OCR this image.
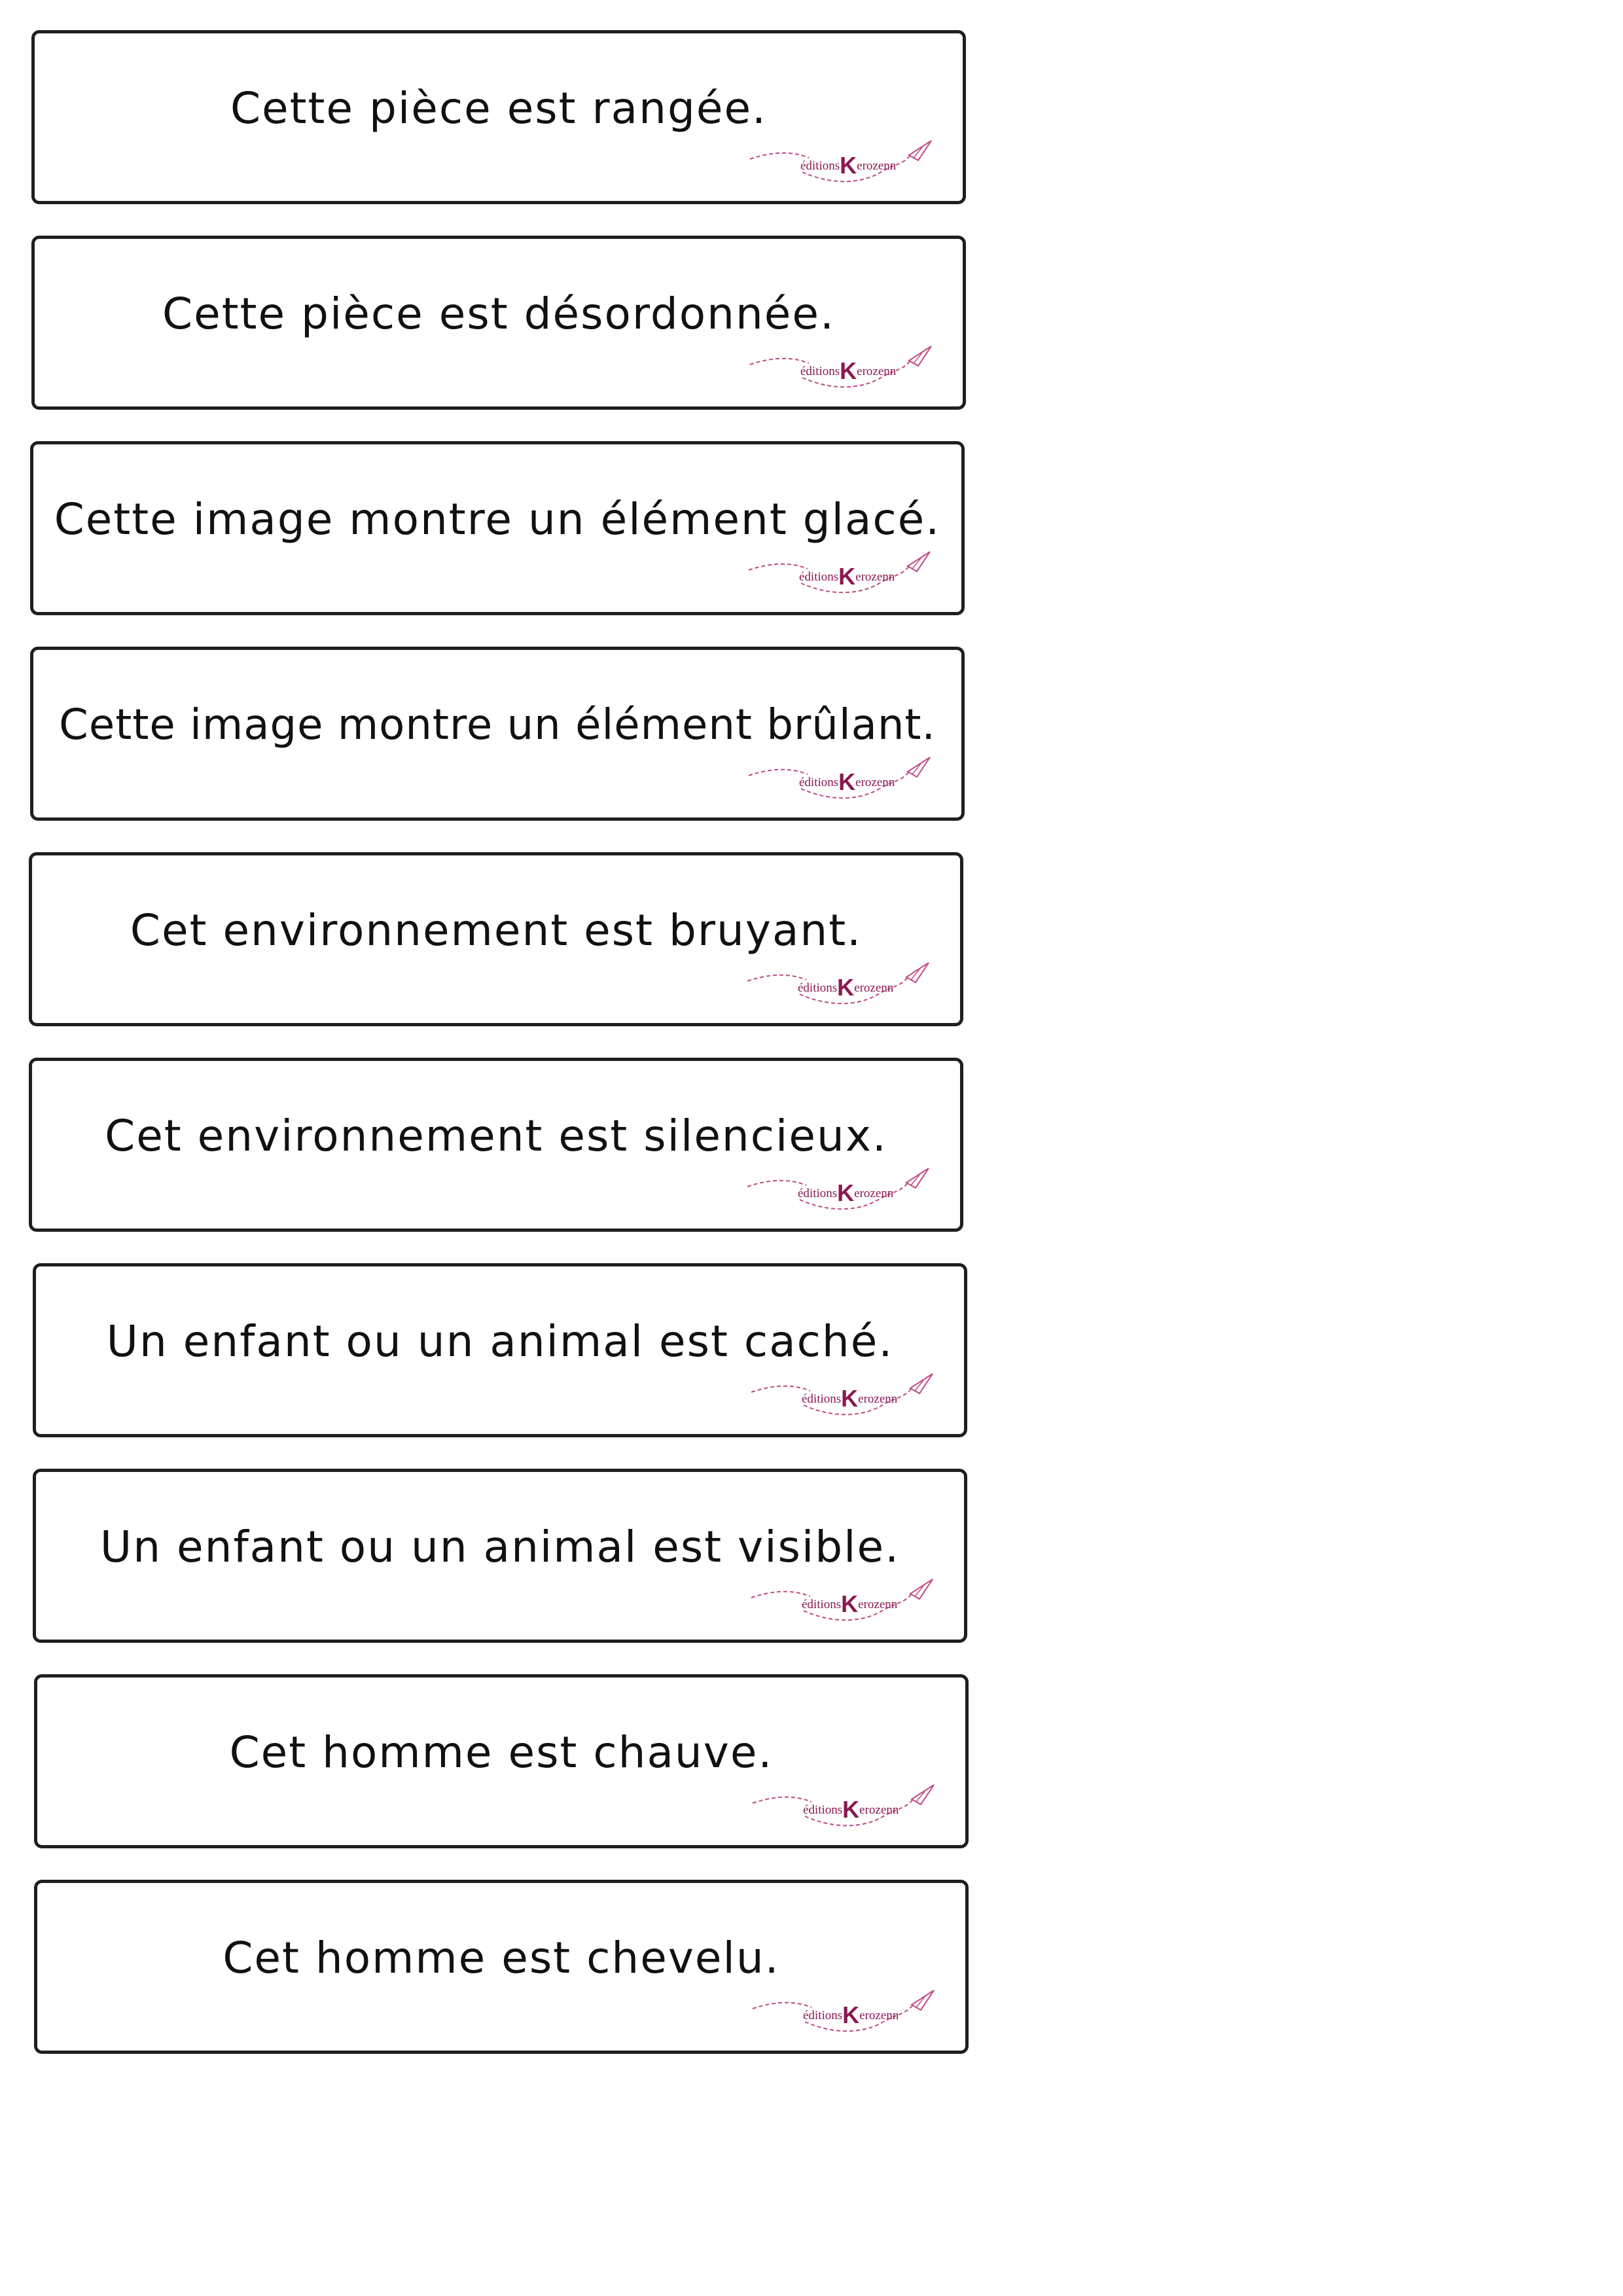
Cette pièce est rangée.
éditionsKerozenn
Cette pièce est désordonnée.
éditionsKerozenn
Cette image montre un élément glacé.
éditionsKerozenn
Cette image montre un élément brûlant.
éditionsKerozenn
Cet environnement est bruyant.
éditionsKerozenn
Cet environnement est silencieux.
éditionsKerozenn
Un enfant ou un animal est caché.
éditionsKerozenn
Un enfant ou un animal est visible.
éditionsKerozenn
Cet homme est chauve.
éditionsKerozenn
Cet homme est chevelu.
éditionsKerozenn
